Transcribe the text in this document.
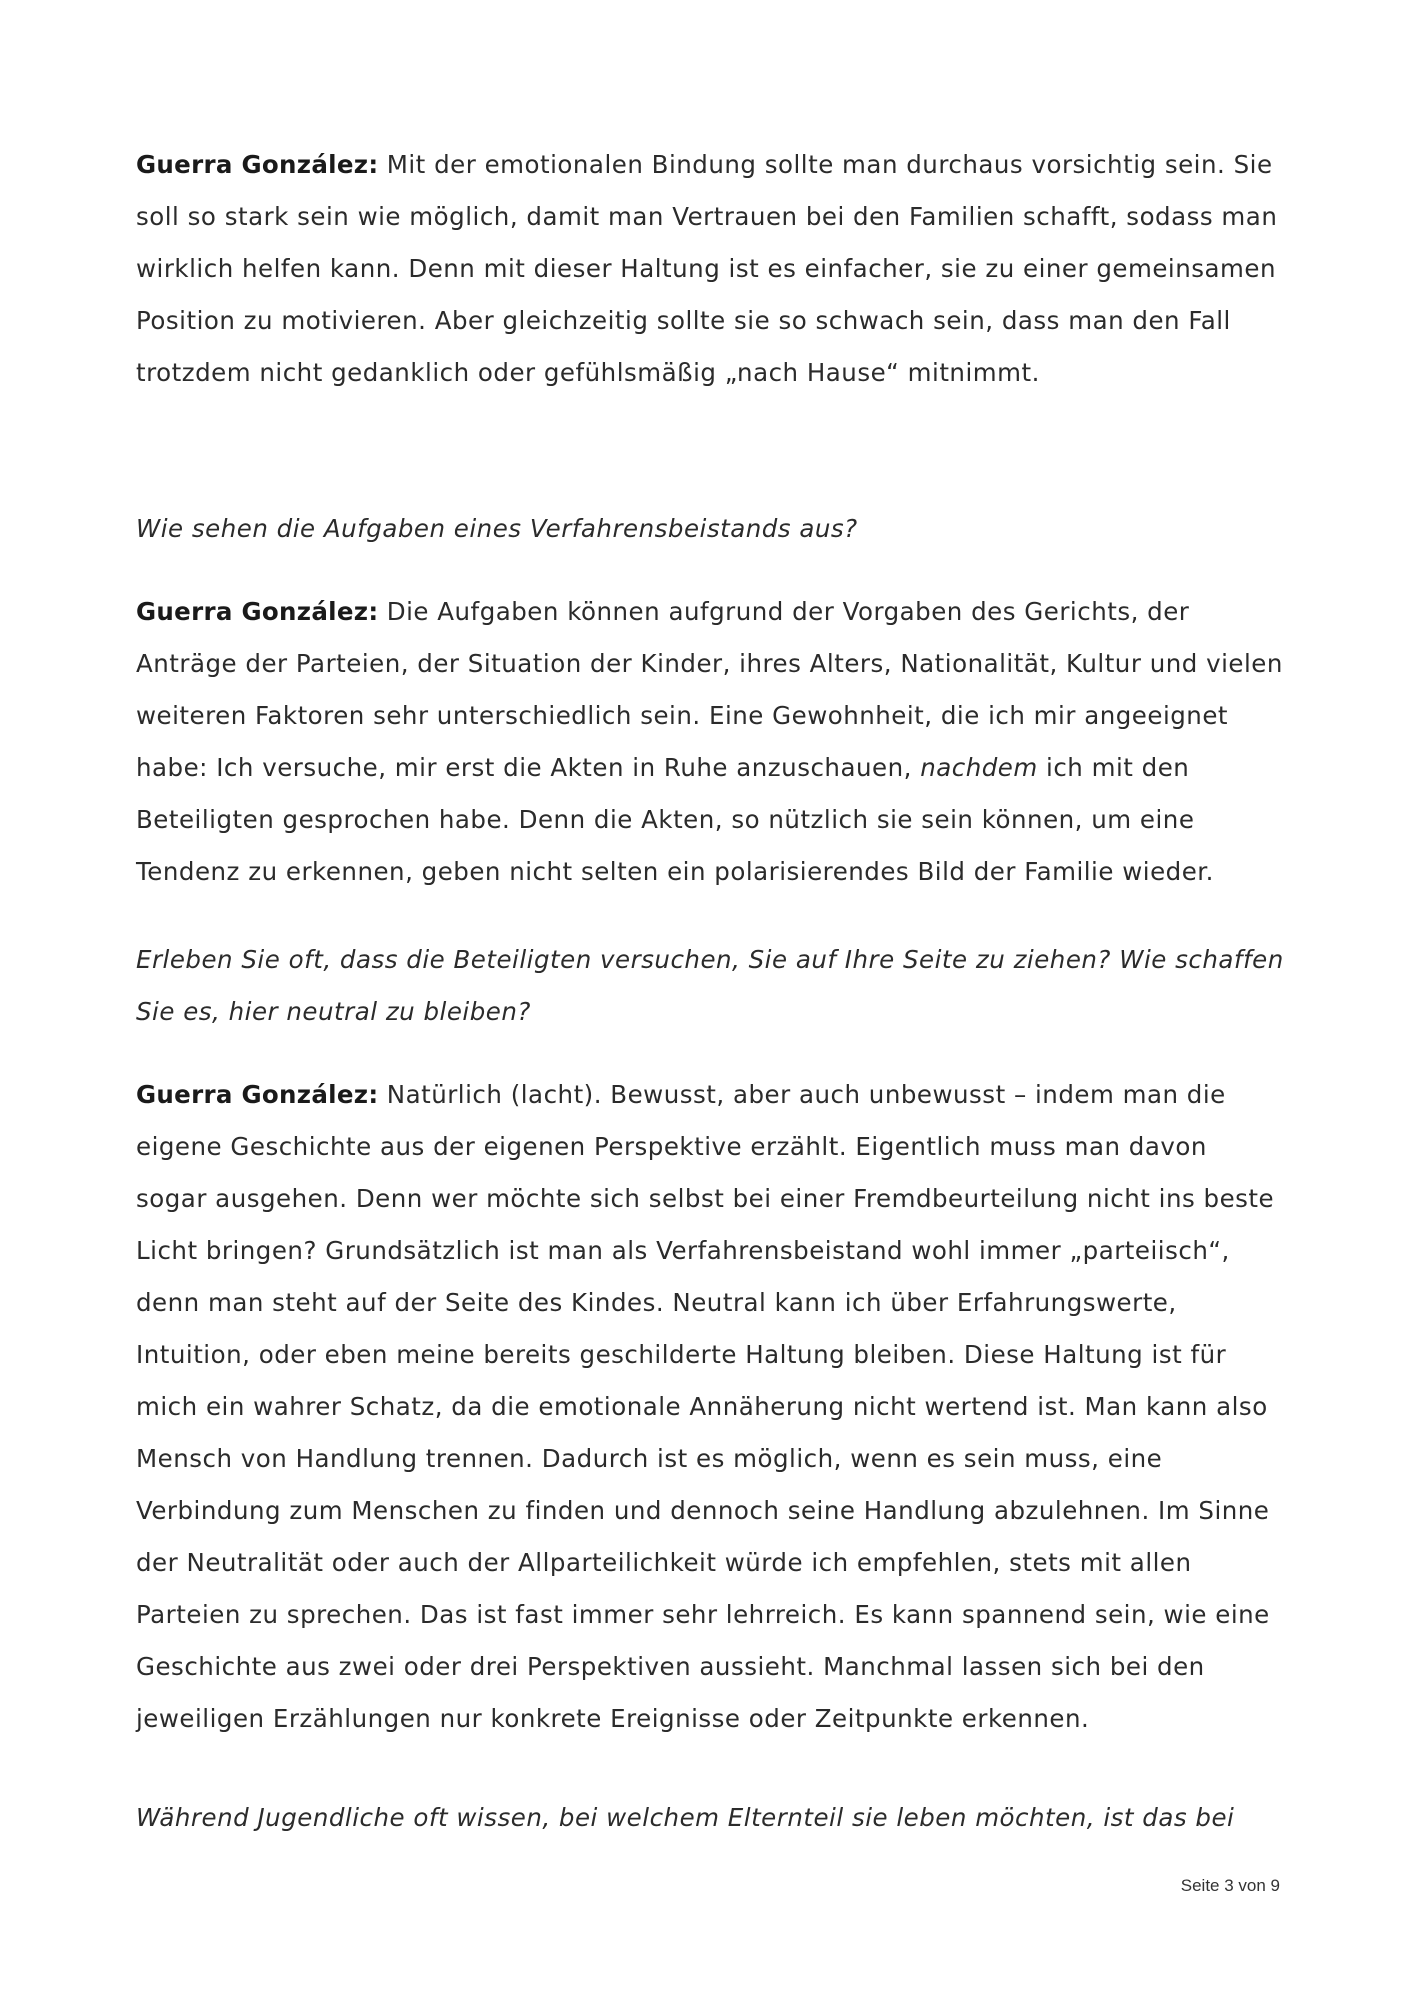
Guerra González: Mit der emotionalen Bindung sollte man durchaus vorsichtig sein. Sie soll so stark sein wie möglich, damit man Vertrauen bei den Familien schafft, sodass man wirklich helfen kann. Denn mit dieser Haltung ist es einfacher, sie zu einer gemeinsamen Position zu motivieren. Aber gleichzeitig sollte sie so schwach sein, dass man den Fall trotzdem nicht gedanklich oder gefühlsmäßig „nach Hause“ mitnimmt.

Wie sehen die Aufgaben eines Verfahrensbeistands aus?

Guerra González: Die Aufgaben können aufgrund der Vorgaben des Gerichts, der Anträge der Parteien, der Situation der Kinder, ihres Alters, Nationalität, Kultur und vielen weiteren Faktoren sehr unterschiedlich sein. Eine Gewohnheit, die ich mir angeeignet habe: Ich versuche, mir erst die Akten in Ruhe anzuschauen, nachdem ich mit den Beteiligten gesprochen habe. Denn die Akten, so nützlich sie sein können, um eine Tendenz zu erkennen, geben nicht selten ein polarisierendes Bild der Familie wieder.

Erleben Sie oft, dass die Beteiligten versuchen, Sie auf Ihre Seite zu ziehen? Wie schaffen Sie es, hier neutral zu bleiben?

Guerra González: Natürlich (lacht). Bewusst, aber auch unbewusst – indem man die eigene Geschichte aus der eigenen Perspektive erzählt. Eigentlich muss man davon sogar ausgehen. Denn wer möchte sich selbst bei einer Fremdbeurteilung nicht ins beste Licht bringen? Grundsätzlich ist man als Verfahrensbeistand wohl immer „parteiisch“, denn man steht auf der Seite des Kindes. Neutral kann ich über Erfahrungswerte, Intuition, oder eben meine bereits geschilderte Haltung bleiben. Diese Haltung ist für mich ein wahrer Schatz, da die emotionale Annäherung nicht wertend ist. Man kann also Mensch von Handlung trennen. Dadurch ist es möglich, wenn es sein muss, eine Verbindung zum Menschen zu finden und dennoch seine Handlung abzulehnen. Im Sinne der Neutralität oder auch der Allparteilichkeit würde ich empfehlen, stets mit allen Parteien zu sprechen. Das ist fast immer sehr lehrreich. Es kann spannend sein, wie eine Geschichte aus zwei oder drei Perspektiven aussieht. Manchmal lassen sich bei den jeweiligen Erzählungen nur konkrete Ereignisse oder Zeitpunkte erkennen.

Während Jugendliche oft wissen, bei welchem Elternteil sie leben möchten, ist das bei

Seite 3 von 9
